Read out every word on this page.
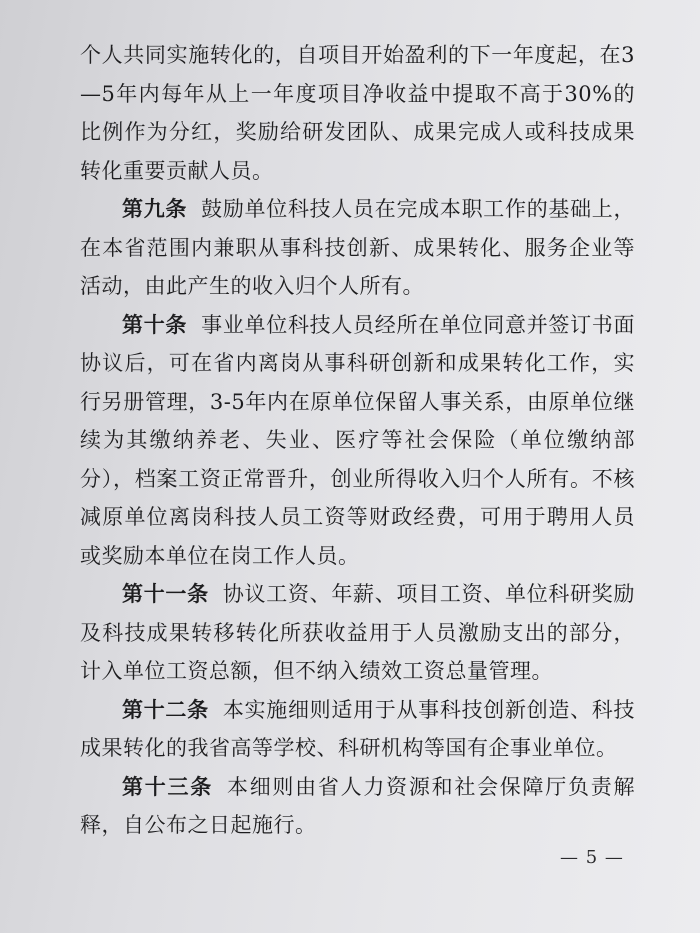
个人共同实施转化的，自项目开始盈利的下一年度起，在3—5年内每年从上一年度项目净收益中提取不高于30%的比例作为分红，奖励给研发团队、成果完成人或科技成果转化重要贡献人员。

第九条 鼓励单位科技人员在完成本职工作的基础上，在本省范围内兼职从事科技创新、成果转化、服务企业等活动，由此产生的收入归个人所有。

第十条 事业单位科技人员经所在单位同意并签订书面协议后，可在省内离岗从事科研创新和成果转化工作，实行另册管理，3-5年内在原单位保留人事关系，由原单位继续为其缴纳养老、失业、医疗等社会保险（单位缴纳部分），档案工资正常晋升，创业所得收入归个人所有。不核减原单位离岗科技人员工资等财政经费，可用于聘用人员或奖励本单位在岗工作人员。

第十一条 协议工资、年薪、项目工资、单位科研奖励及科技成果转移转化所获收益用于人员激励支出的部分，计入单位工资总额，但不纳入绩效工资总量管理。

第十二条 本实施细则适用于从事科技创新创造、科技成果转化的我省高等学校、科研机构等国有企事业单位。

第十三条 本细则由省人力资源和社会保障厅负责解释，自公布之日起施行。

— 5 —
